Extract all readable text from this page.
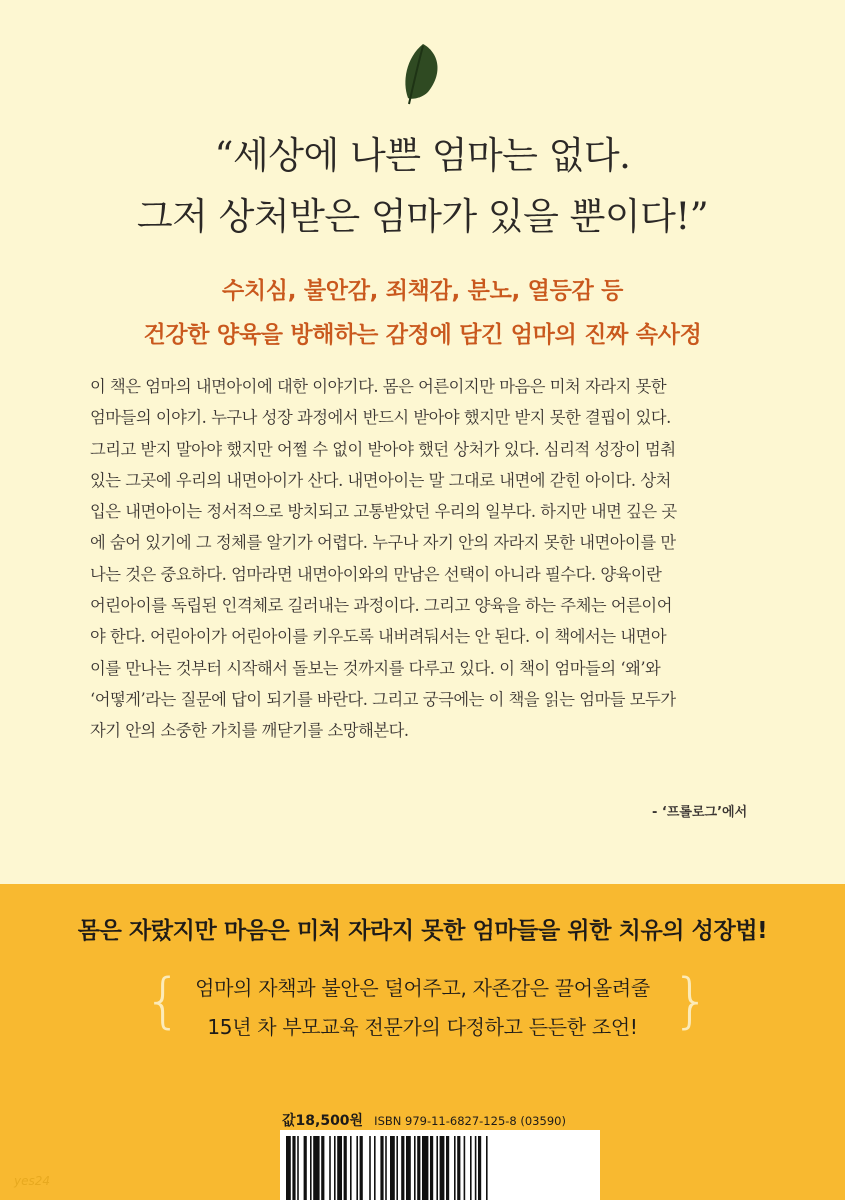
“세상에 나쁜 엄마는 없다.
그저 상처받은 엄마가 있을 뿐이다!”
수치심, 불안감, 죄책감, 분노, 열등감 등
건강한 양육을 방해하는 감정에 담긴 엄마의 진짜 속사정
이 책은 엄마의 내면아이에 대한 이야기다. 몸은 어른이지만 마음은 미처 자라지 못한
엄마들의 이야기. 누구나 성장 과정에서 반드시 받아야 했지만 받지 못한 결핍이 있다.
그리고 받지 말아야 했지만 어쩔 수 없이 받아야 했던 상처가 있다. 심리적 성장이 멈춰
있는 그곳에 우리의 내면아이가 산다. 내면아이는 말 그대로 내면에 갇힌 아이다. 상처
입은 내면아이는 정서적으로 방치되고 고통받았던 우리의 일부다. 하지만 내면 깊은 곳
에 숨어 있기에 그 정체를 알기가 어렵다. 누구나 자기 안의 자라지 못한 내면아이를 만
나는 것은 중요하다. 엄마라면 내면아이와의 만남은 선택이 아니라 필수다. 양육이란
어린아이를 독립된 인격체로 길러내는 과정이다. 그리고 양육을 하는 주체는 어른이어
야 한다. 어린아이가 어린아이를 키우도록 내버려둬서는 안 된다. 이 책에서는 내면아
이를 만나는 것부터 시작해서 돌보는 것까지를 다루고 있다. 이 책이 엄마들의 ‘왜’와
‘어떻게’라는 질문에 답이 되기를 바란다. 그리고 궁극에는 이 책을 읽는 엄마들 모두가
자기 안의 소중한 가치를 깨닫기를 소망해본다.
- ‘프롤로그’에서
몸은 자랐지만 마음은 미처 자라지 못한 엄마들을 위한 치유의 성장법!
{	}
엄마의 자책과 불안은 덜어주고, 자존감은 끌어올려줄
15년 차 부모교육 전문가의 다정하고 든든한 조언!
값18,500원 ISBN 979-11-6827-125-8 (03590)
yes24
